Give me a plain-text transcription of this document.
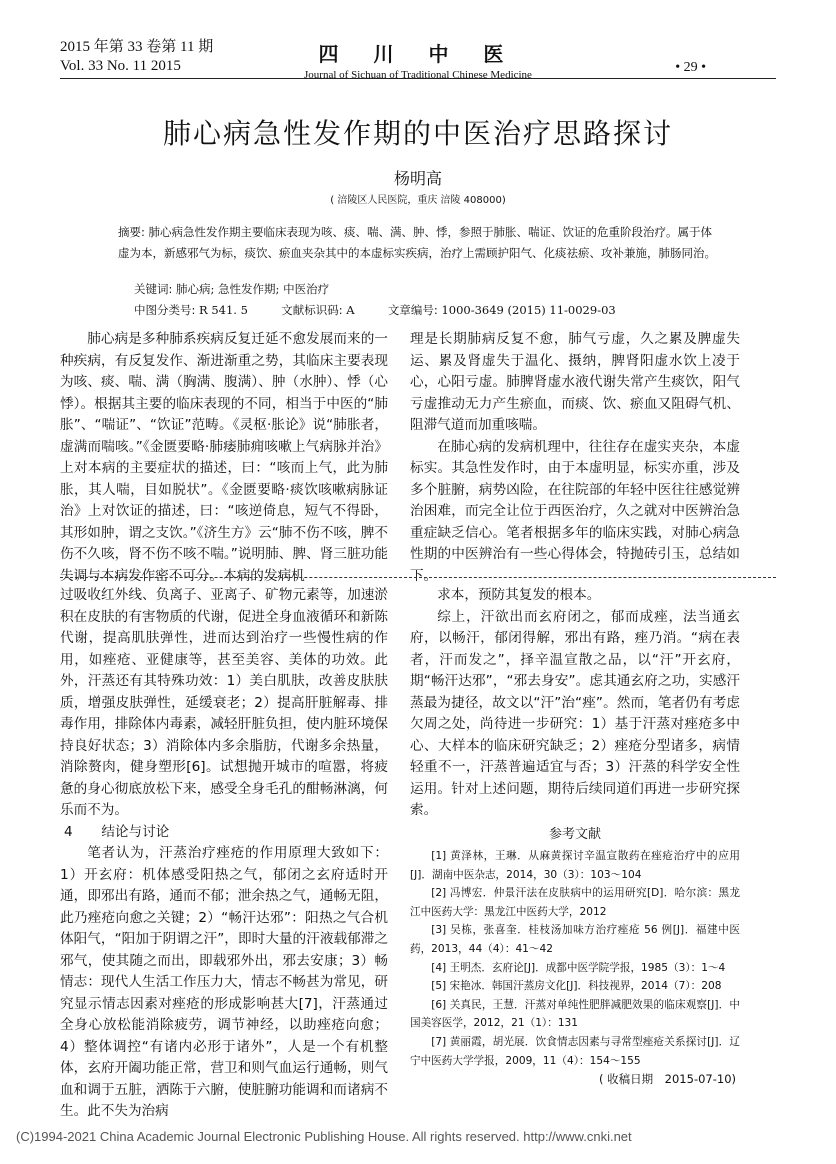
2015 年第 33 卷第 11 期
Vol. 33 No. 11 2015	四 川 中 医
Journal of Sichuan of Traditional Chinese Medicine	• 29 •
肺心病急性发作期的中医治疗思路探讨
杨明高
( 涪陵区人民医院，重庆 涪陵 408000)
摘要: 肺心病急性发作期主要临床表现为咳、痰、喘、满、肿、悸，参照于肺胀、喘证、饮证的危重阶段治疗。属于体虚为本，新感邪气为标，痰饮、瘀血夹杂其中的本虚标实疾病，治疗上需顾护阳气、化痰祛瘀、攻补兼施，肺肠同治。
关键词: 肺心病; 急性发作期; 中医治疗
中图分类号: R 541. 5	文献标识码: A	文章编号: 1000-3649 (2015) 11-0029-03

肺心病是多种肺系疾病反复迁延不愈发展而来的一种疾病，有反复发作、渐进渐重之势，其临床主要表现为咳、痰、喘、满（胸满、腹满）、肿（水肿）、悸（心悸）。根据其主要的临床表现的不同，相当于中医的“肺胀”、“喘证”、“饮证”范畴。《灵枢·胀论》说“肺胀者，虚满而喘咳。”《金匮要略·肺痿肺痈咳嗽上气病脉并治》上对本病的主要症状的描述，曰：“咳而上气，此为肺胀，其人喘，目如脱状”。《金匮要略·痰饮咳嗽病脉证治》上对饮证的描述，曰：“咳逆倚息，短气不得卧，其形如肿，谓之支饮。”《济生方》云“肺不伤不咳，脾不伤不久咳，肾不伤不咳不喘。”说明肺、脾、肾三脏功能失调与本病发作密不可分。本病的发病机

理是长期肺病反复不愈，肺气亏虚，久之累及脾虚失运、累及肾虚失于温化、摄纳，脾肾阳虚水饮上凌于心，心阳亏虚。肺脾肾虚水液代谢失常产生痰饮，阳气亏虚推动无力产生瘀血，而痰、饮、瘀血又阻碍气机、阻滞气道而加重咳喘。

在肺心病的发病机理中，往往存在虚实夹杂，本虚标实。其急性发作时，由于本虚明显，标实亦重，涉及多个脏腑，病势凶险，在往院部的年轻中医往往感觉辨治困难，而完全让位于西医治疗，久之就对中医辨治急重症缺乏信心。笔者根据多年的临床实践，对肺心病急性期的中医辨治有一些心得体会，特抛砖引玉，总结如下。

过吸收红外线、负离子、亚离子、矿物元素等，加速淤积在皮肤的有害物质的代谢，促进全身血液循环和新陈代谢，提高肌肤弹性，进而达到治疗一些慢性病的作用，如痤疮、亚健康等，甚至美容、美体的功效。此外，汗蒸还有其特殊功效：1）美白肌肤，改善皮肤肤质，增强皮肤弹性，延缓衰老；2）提高肝脏解毒、排毒作用，排除体内毒素，减轻肝脏负担，使内脏环境保持良好状态；3）消除体内多余脂肪，代谢多余热量，消除赘肉，健身塑形[6]。试想抛开城市的喧嚣，将疲惫的身心彻底放松下来，感受全身毛孔的酣畅淋漓，何乐而不为。

4 结论与讨论

笔者认为，汗蒸治疗痤疮的作用原理大致如下：1）开玄府：机体感受阳热之气，郁闭之玄府适时开通，即邪出有路，通而不郁；泄余热之气，通畅无阻，此乃痤疮向愈之关键；2）“畅汗达邪”：阳热之气合机体阳气，“阳加于阴谓之汗”，即时大量的汗液载郁滞之邪气，使其随之而出，即载邪外出，邪去安康；3）畅情志：现代人生活工作压力大，情志不畅甚为常见，研究显示情志因素对痤疮的形成影响甚大[7]，汗蒸通过全身心放松能消除疲劳，调节神经，以助痤疮向愈；4）整体调控“有诸内必形于诸外”，人是一个有机整体，玄府开阖功能正常，营卫和则气血运行通畅，则气血和调于五脏，洒陈于六腑，使脏腑功能调和而诸病不生。此不失为治病

求本，预防其复发的根本。

综上，汗欲出而玄府闭之，郁而成痤，法当通玄府，以畅汗，郁闭得解，邪出有路，痤乃消。“病在表者，汗而发之”，择辛温宣散之品，以“汗”开玄府，期“畅汗达邪”，“邪去身安”。虑其通玄府之功，实感汗蒸最为捷径，故文以“汗”治“痤”。然而，笔者仍有考虑欠周之处，尚待进一步研究：1）基于汗蒸对痤疮多中心、大样本的临床研究缺乏；2）痤疮分型诸多，病情轻重不一，汗蒸普遍适宜与否；3）汗蒸的科学安全性运用。针对上述问题，期待后续同道们再进一步研究探索。

参考文献
[1] 黄泽林，王琳．从麻黄探讨辛温宣散药在痤疮治疗中的应用[J]．湖南中医杂志，2014，30（3）：103～104
[2] 冯博宏．仲景汗法在皮肤病中的运用研究[D]．哈尔滨：黑龙江中医药大学：黑龙江中医药大学，2012
[3] 吴栋，张喜奎．桂枝汤加味方治疗痤疮 56 例[J]．福建中医药，2013，44（4）：41～42
[4] 王明杰．玄府论[J]．成都中医学院学报，1985（3）：1～4
[5] 宋艳冰．韩国汗蒸房文化[J]．科技视界，2014（7）：208
[6] 关真民，王慧．汗蒸对单纯性肥胖减肥效果的临床观察[J]．中国美容医学，2012，21（1）：131
[7] 黄丽霞，胡光展．饮食情志因素与寻常型痤疮关系探讨[J]．辽宁中医药大学学报，2009，11（4）：154～155
( 收稿日期　2015-07-10)
(C)1994-2021 China Academic Journal Electronic Publishing House. All rights reserved. http://www.cnki.net
